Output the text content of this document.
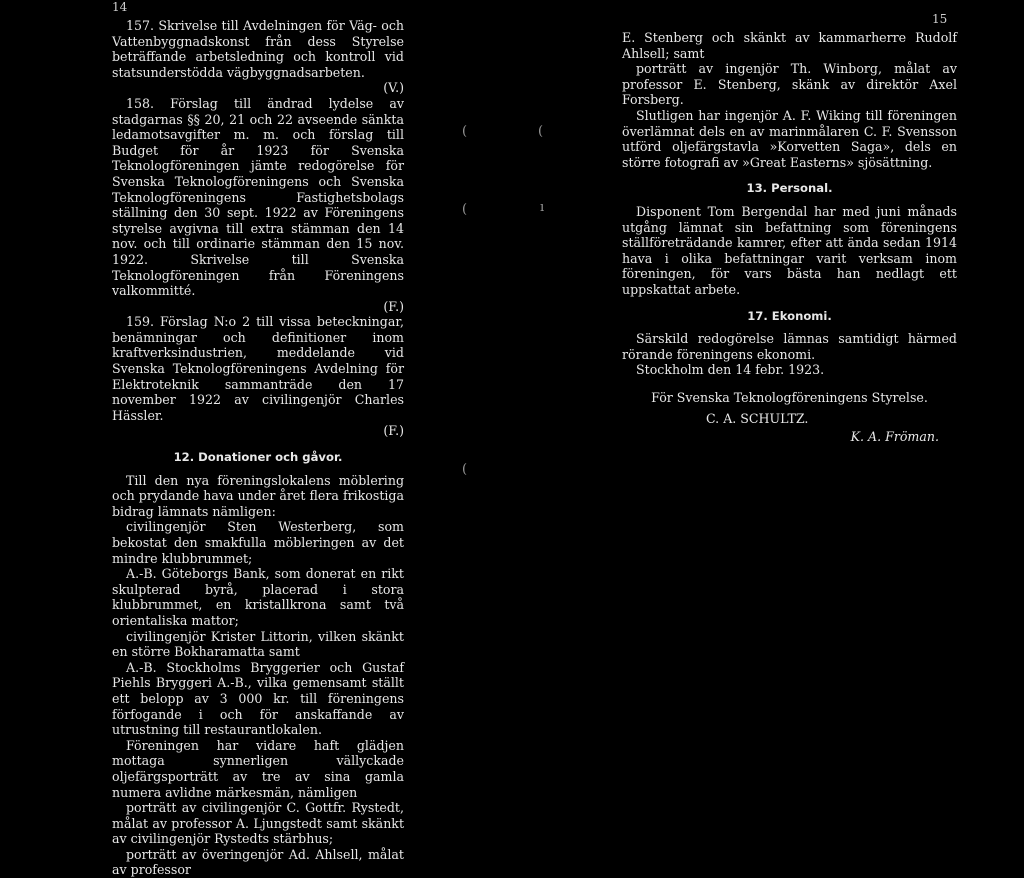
14
15

157. Skrivelse till Avdelningen för Väg- och Vattenbyggnadskonst från dess Styrelse beträffande arbetsledning och kontroll vid statsunderstödda vägbyggnadsarbeten.
(V.)

158. Förslag till ändrad lydelse av stadgarnas §§ 20, 21 och 22 avseende sänkta ledamotsavgifter m. m. och förslag till Budget för år 1923 för Svenska Teknologföreningen jämte redogörelse för Svenska Teknologföreningens och Svenska Teknologföreningens Fastighetsbolags ställning den 30 sept. 1922 av Föreningens styrelse avgivna till extra stämman den 14 nov. och till ordinarie stämman den 15 nov. 1922. Skrivelse till Svenska Teknologföreningen från Föreningens valkommitté.
(F.)

159. Förslag N:o 2 till vissa beteckningar, benämningar och definitioner inom kraftverksindustrien, meddelande vid Svenska Teknologföreningens Avdelning för Elektroteknik sammanträde den 17 november 1922 av civilingenjör Charles Hässler.
(F.)

12. Donationer och gåvor.

Till den nya föreningslokalens möblering och prydande hava under året flera frikostiga bidrag lämnats nämligen:

civilingenjör Sten Westerberg, som bekostat den smakfulla möbleringen av det mindre klubbrummet;

A.-B. Göteborgs Bank, som donerat en rikt skulpterad byrå, placerad i stora klubbrummet, en kristallkrona samt två orientaliska mattor;

civilingenjör Krister Littorin, vilken skänkt en större Bokharamatta samt

A.-B. Stockholms Bryggerier och Gustaf Piehls Bryggeri A.-B., vilka gemensamt ställt ett belopp av 3 000 kr. till föreningens förfogande i och för anskaffande av utrustning till restaurantlokalen.

Föreningen har vidare haft glädjen mottaga synnerligen vällyckade oljefärgsporträtt av tre av sina gamla numera avlidne märkesmän, nämligen

porträtt av civilingenjör C. Gottfr. Rystedt, målat av professor A. Ljungstedt samt skänkt av civilingenjör Rystedts stärbhus;

porträtt av överingenjör Ad. Ahlsell, målat av professor

E. Stenberg och skänkt av kammarherre Rudolf Ahlsell; samt

porträtt av ingenjör Th. Winborg, målat av professor E. Stenberg, skänk av direktör Axel Forsberg.

Slutligen har ingenjör A. F. Wiking till föreningen överlämnat dels en av marinmålaren C. F. Svensson utförd oljefärgstavla »Korvetten Saga», dels en större fotografi av »Great Easterns» sjösättning.

13. Personal.

Disponent Tom Bergendal har med juni månads utgång lämnat sin befattning som föreningens ställföreträdande kamrer, efter att ända sedan 1914 hava i olika befattningar varit verksam inom föreningen, för vars bästa han nedlagt ett uppskattat arbete.

17. Ekonomi.

Särskild redogörelse lämnas samtidigt härmed rörande föreningens ekonomi.

Stockholm den 14 febr. 1923.

För Svenska Teknologföreningens Styrelse.

C. A. SCHULTZ.
K. A. Fröman.
(	(
(	ı
(
